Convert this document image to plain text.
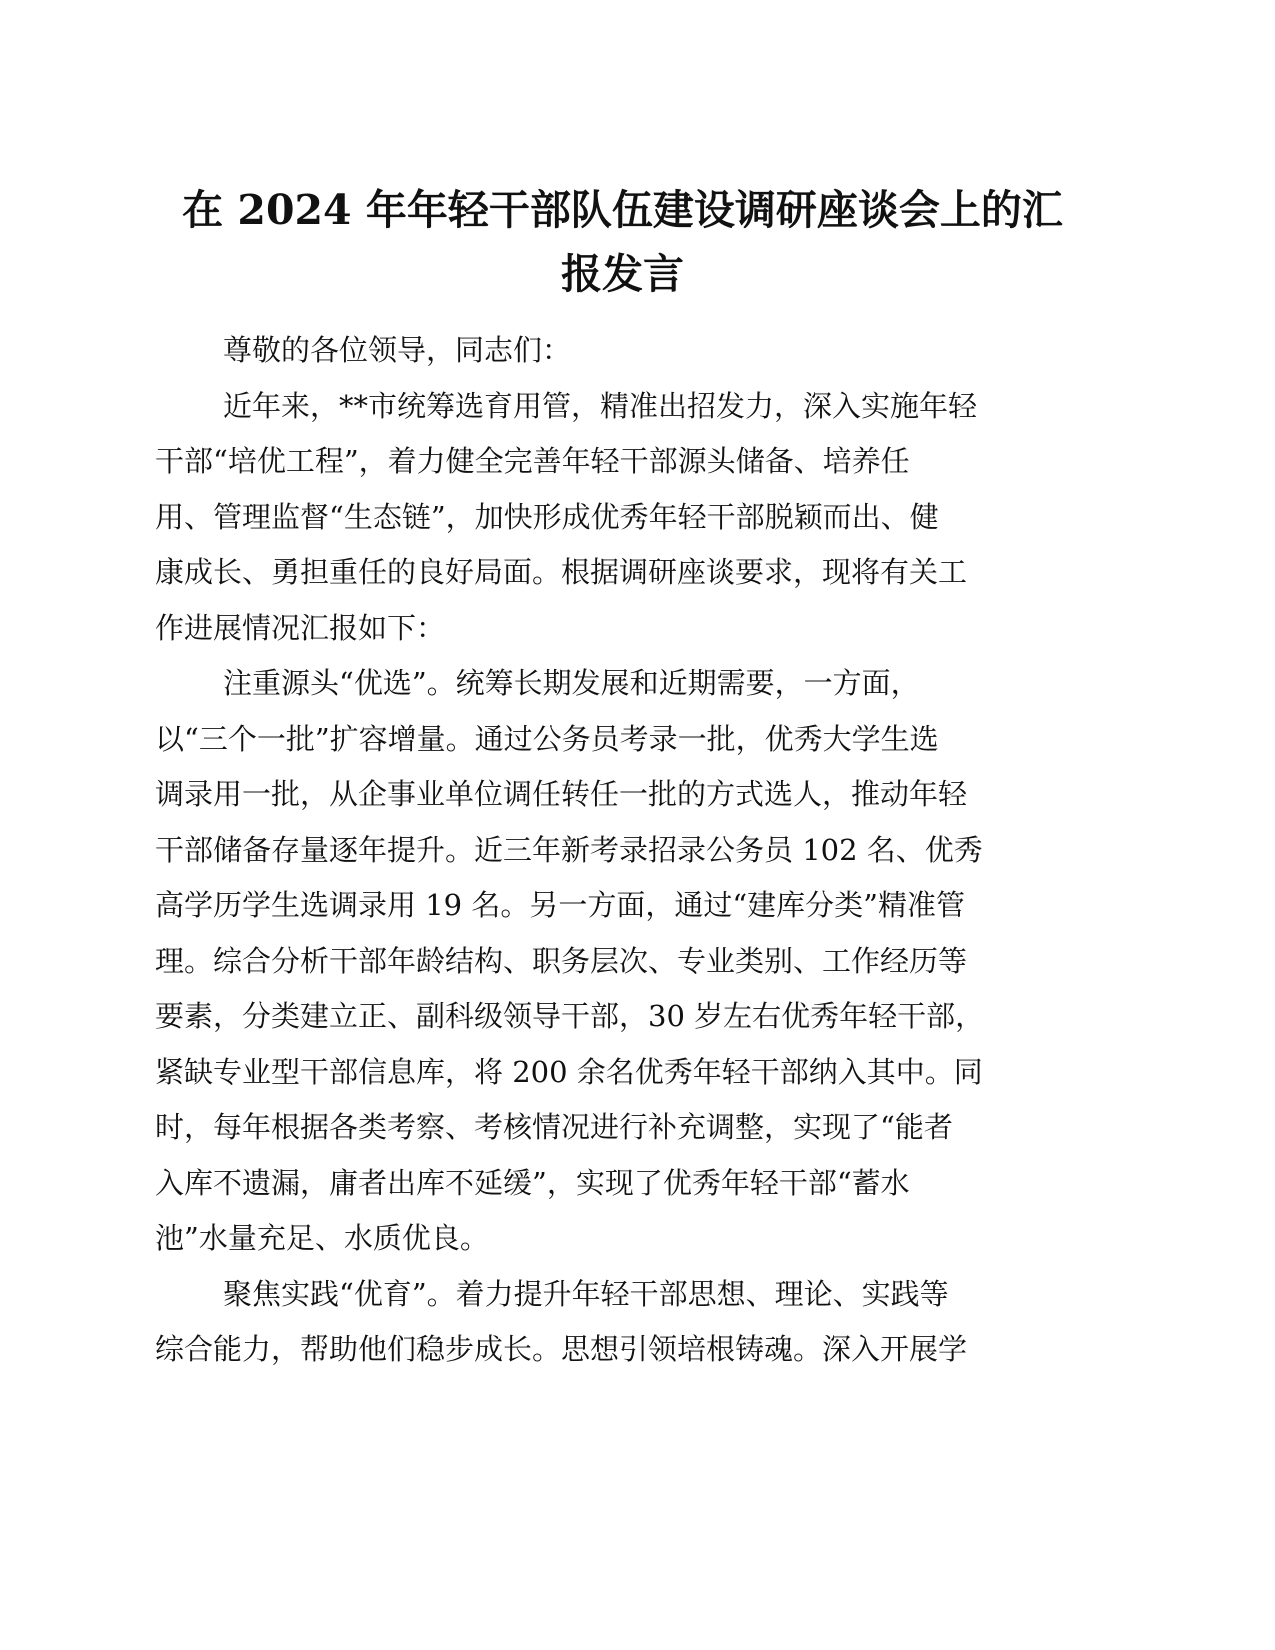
在 2024 年年轻干部队伍建设调研座谈会上的汇
报发言
尊敬的各位领导，同志们：
近年来，**市统筹选育用管，精准出招发力，深入实施年轻
干部“培优工程”，着力健全完善年轻干部源头储备、培养任
用、管理监督“生态链”，加快形成优秀年轻干部脱颖而出、健
康成长、勇担重任的良好局面。根据调研座谈要求，现将有关工
作进展情况汇报如下：
注重源头“优选”。统筹长期发展和近期需要，一方面，
以“三个一批”扩容增量。通过公务员考录一批，优秀大学生选
调录用一批，从企事业单位调任转任一批的方式选人，推动年轻
干部储备存量逐年提升。近三年新考录招录公务员 102 名、优秀
高学历学生选调录用 19 名。另一方面，通过“建库分类”精准管
理。综合分析干部年龄结构、职务层次、专业类别、工作经历等
要素，分类建立正、副科级领导干部，30 岁左右优秀年轻干部，
紧缺专业型干部信息库，将 200 余名优秀年轻干部纳入其中。同
时，每年根据各类考察、考核情况进行补充调整，实现了“能者
入库不遗漏，庸者出库不延缓”，实现了优秀年轻干部“蓄水
池”水量充足、水质优良。
聚焦实践“优育”。着力提升年轻干部思想、理论、实践等
综合能力，帮助他们稳步成长。思想引领培根铸魂。深入开展学
